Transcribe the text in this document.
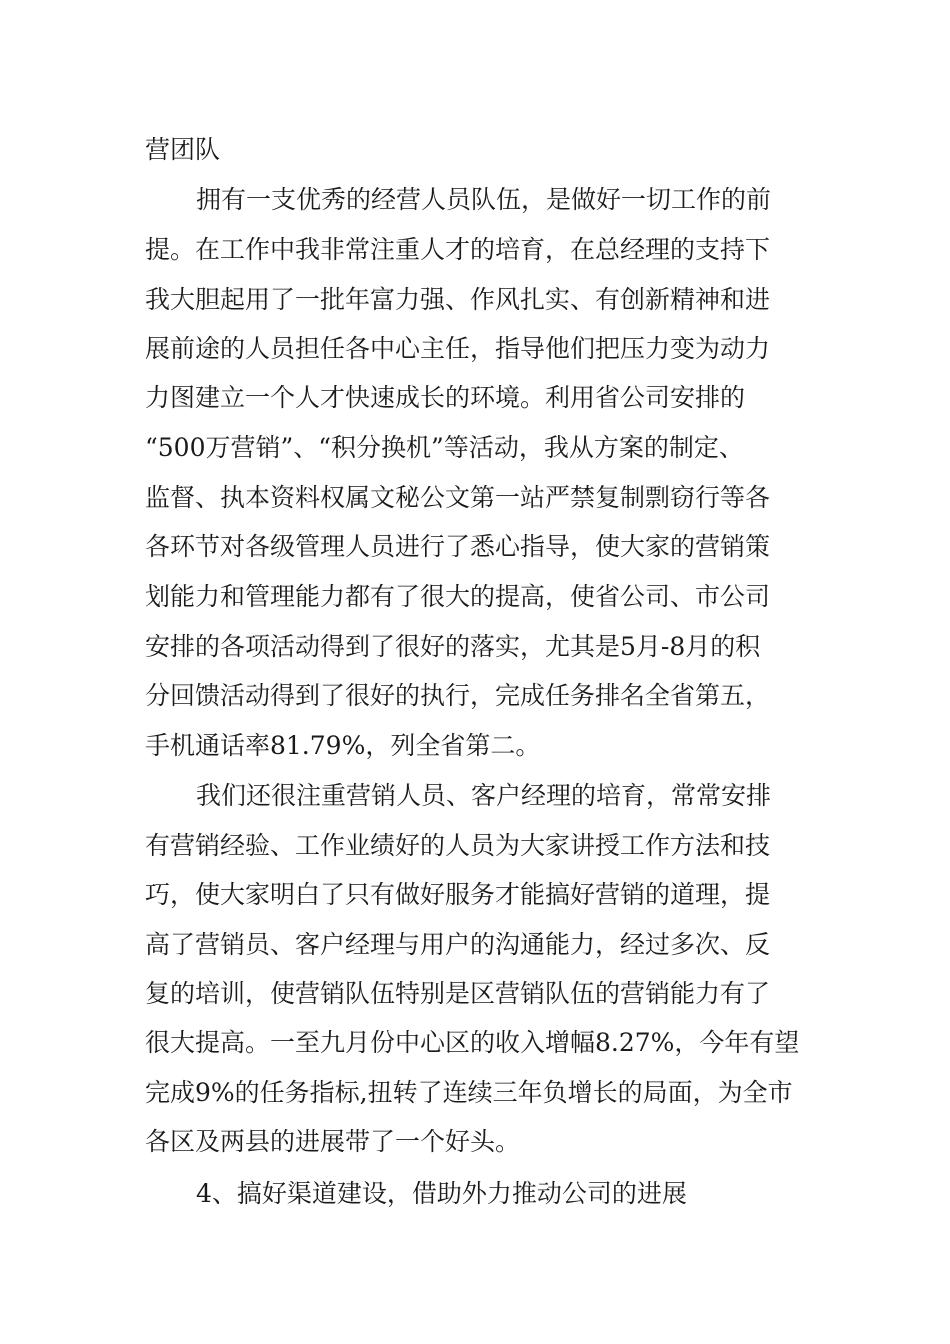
营团队

拥有一支优秀的经营人员队伍，是做好一切工作的前

提。在工作中我非常注重人才的培育，在总经理的支持下

我大胆起用了一批年富力强、作风扎实、有创新精神和进

展前途的人员担任各中心主任，指导他们把压力变为动力

力图建立一个人才快速成长的环境。利用省公司安排的

“500万营销”、“积分换机”等活动，我从方案的制定、

监督、执本资料权属文秘公文第一站严禁复制剽窃行等各

各环节对各级管理人员进行了悉心指导，使大家的营销策

划能力和管理能力都有了很大的提高，使省公司、市公司

安排的各项活动得到了很好的落实，尤其是5月-8月的积

分回馈活动得到了很好的执行，完成任务排名全省第五，

手机通话率81.79%，列全省第二。

我们还很注重营销人员、客户经理的培育，常常安排

有营销经验、工作业绩好的人员为大家讲授工作方法和技

巧，使大家明白了只有做好服务才能搞好营销的道理，提

高了营销员、客户经理与用户的沟通能力，经过多次、反

复的培训，使营销队伍特别是区营销队伍的营销能力有了

很大提高。一至九月份中心区的收入增幅8.27%，今年有望

完成9%的任务指标,扭转了连续三年负增长的局面，为全市

各区及两县的进展带了一个好头。

4、搞好渠道建设，借助外力推动公司的进展
